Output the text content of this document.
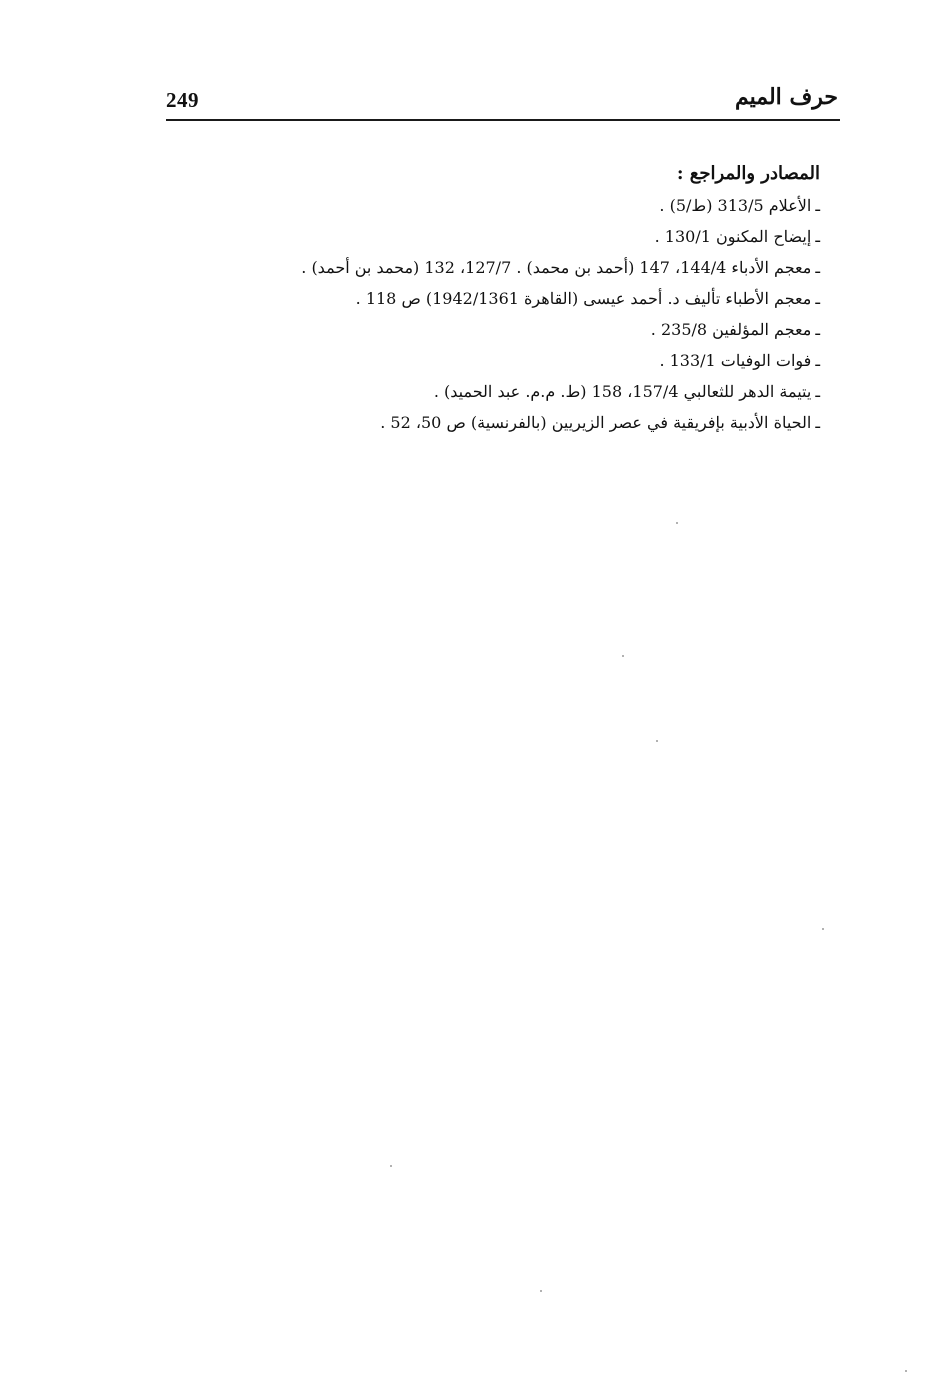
249	حرف الميم

المصادر والمراجع :

ـالأعلام 313/5 (ط/5) .
ـإيضاح المكنون 130/1 .
ـمعجم الأدباء 144/4، 147 (أحمد بن محمد) . 127/7، 132 (محمد بن أحمد) .
ـمعجم الأطباء تأليف د. أحمد عيسى (القاهرة 1942/1361) ص 118 .
ـمعجم المؤلفين 235/8 .
ـفوات الوفيات 133/1 .
ـيتيمة الدهر للثعالبي 157/4، 158 (ط. م.م. عبد الحميد) .
ـالحياة الأدبية بإفريقية في عصر الزيريين (بالفرنسية) ص 50، 52 .
